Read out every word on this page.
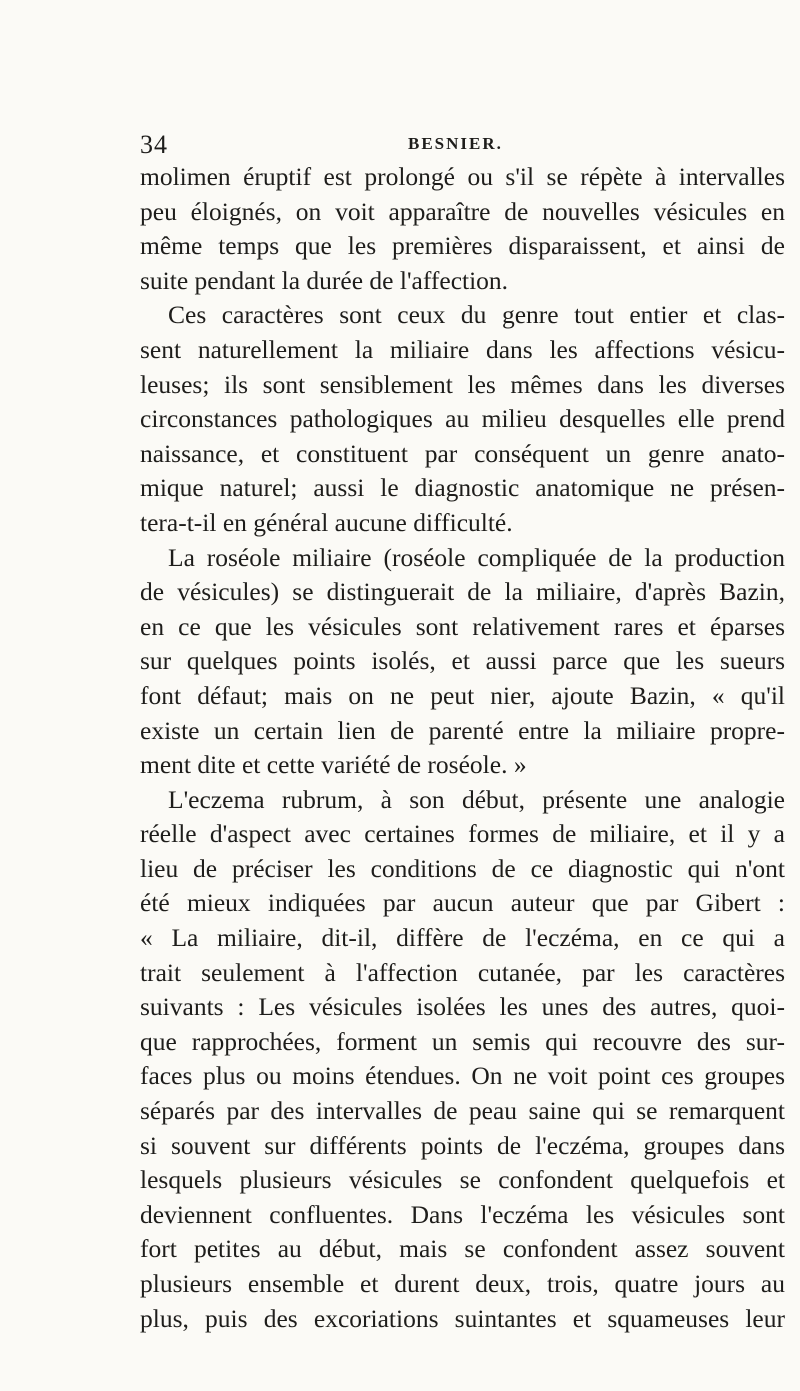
34	BESNIER.
molimen éruptif est prolongé ou s'il se répète à intervalles
peu éloignés, on voit apparaître de nouvelles vésicules en
même temps que les premières disparaissent, et ainsi de
suite pendant la durée de l'affection.
Ces caractères sont ceux du genre tout entier et clas-
sent naturellement la miliaire dans les affections vésicu-
leuses; ils sont sensiblement les mêmes dans les diverses
circonstances pathologiques au milieu desquelles elle prend
naissance, et constituent par conséquent un genre anato-
mique naturel; aussi le diagnostic anatomique ne présen-
tera-t-il en général aucune difficulté.
La roséole miliaire (roséole compliquée de la production
de vésicules) se distinguerait de la miliaire, d'après Bazin,
en ce que les vésicules sont relativement rares et éparses
sur quelques points isolés, et aussi parce que les sueurs
font défaut; mais on ne peut nier, ajoute Bazin, « qu'il
existe un certain lien de parenté entre la miliaire propre-
ment dite et cette variété de roséole. »
L'eczema rubrum, à son début, présente une analogie
réelle d'aspect avec certaines formes de miliaire, et il y a
lieu de préciser les conditions de ce diagnostic qui n'ont
été mieux indiquées par aucun auteur que par Gibert :
« La miliaire, dit-il, diffère de l'eczéma, en ce qui a
trait seulement à l'affection cutanée, par les caractères
suivants : Les vésicules isolées les unes des autres, quoi-
que rapprochées, forment un semis qui recouvre des sur-
faces plus ou moins étendues. On ne voit point ces groupes
séparés par des intervalles de peau saine qui se remarquent
si souvent sur différents points de l'eczéma, groupes dans
lesquels plusieurs vésicules se confondent quelquefois et
deviennent confluentes. Dans l'eczéma les vésicules sont
fort petites au début, mais se confondent assez souvent
plusieurs ensemble et durent deux, trois, quatre jours au
plus, puis des excoriations suintantes et squameuses leur
